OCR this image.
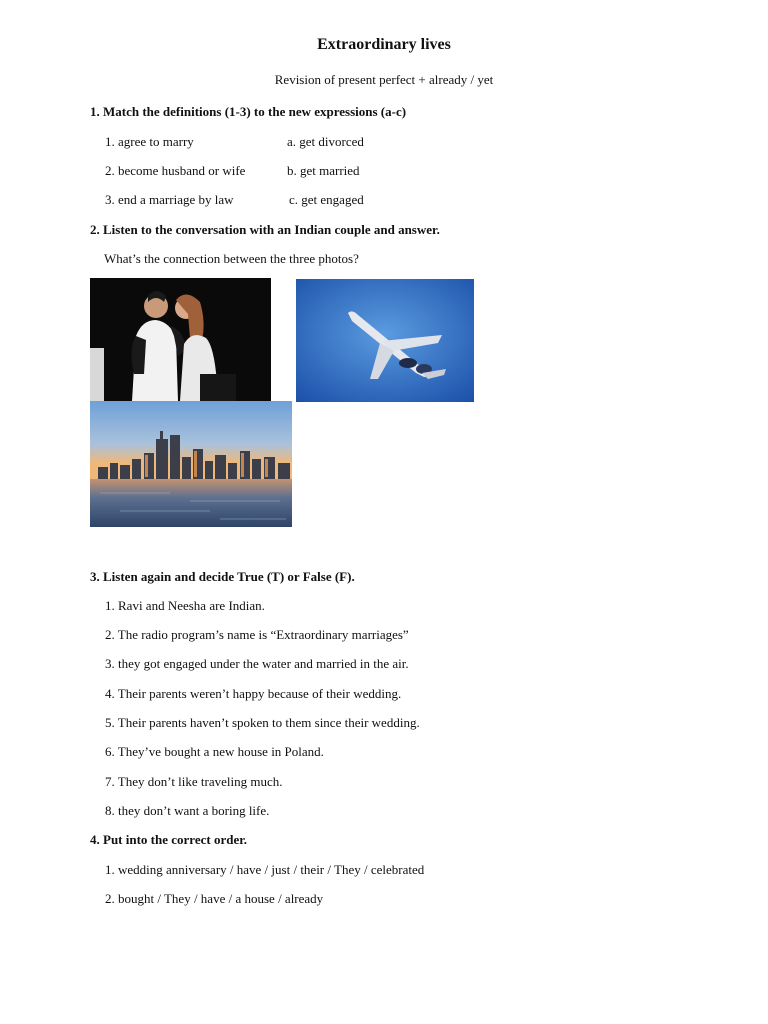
Extraordinary lives
Revision of present perfect + already / yet
1. Match the definitions (1-3) to the new expressions (a-c)
1. agree to marry
2. become husband or wife
3. end a marriage by law
a. get divorced
b. get married
c. get engaged
2. Listen to the conversation with an Indian couple and answer.
What’s the connection between the three photos?
3. Listen again and decide True (T) or False (F).
1. Ravi and Neesha are Indian.
2. The radio program’s name is “Extraordinary marriages”
3. they got engaged under the water and married in the air.
4. Their parents weren’t happy because of their wedding.
5. Their parents haven’t spoken to them since their wedding.
6. They’ve bought a new house in Poland.
7. They don’t like traveling much.
8. they don’t want a boring life.
4. Put into the correct order.
1. wedding anniversary / have / just / their / They / celebrated
2. bought / They / have / a house / already
